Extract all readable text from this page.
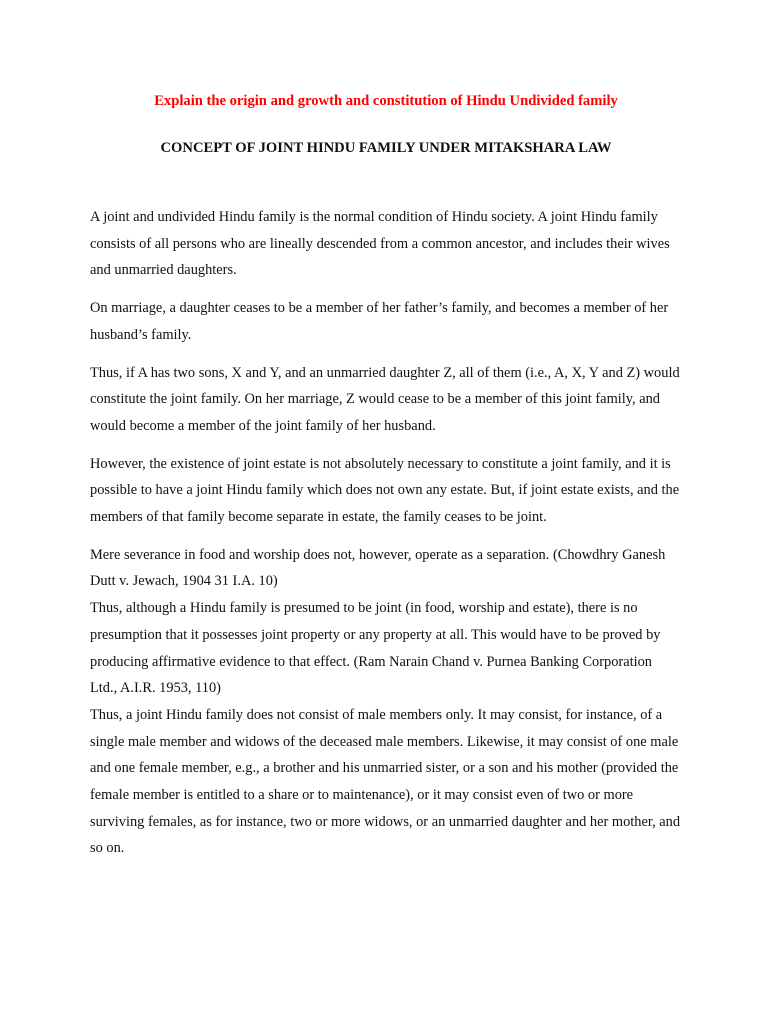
Explain the origin and growth and constitution of Hindu Undivided family

CONCEPT OF JOINT HINDU FAMILY UNDER MITAKSHARA LAW

A joint and undivided Hindu family is the normal condition of Hindu society. A joint Hindu family consists of all persons who are lineally descended from a common ancestor, and includes their wives and unmarried daughters.

On marriage, a daughter ceases to be a member of her father’s family, and becomes a member of her husband’s family.

Thus, if A has two sons, X and Y, and an unmarried daughter Z, all of them (i.e., A, X, Y and Z) would constitute the joint family. On her marriage, Z would cease to be a member of this joint family, and would become a member of the joint family of her husband.

However, the existence of joint estate is not absolutely necessary to constitute a joint family, and it is possible to have a joint Hindu family which does not own any estate. But, if joint estate exists, and the members of that family become separate in estate, the family ceases to be joint.

Mere severance in food and worship does not, however, operate as a separation. (Chowdhry Ganesh Dutt v. Jewach, 1904 31 I.A. 10)

Thus, although a Hindu family is presumed to be joint (in food, worship and estate), there is no presumption that it possesses joint property or any property at all. This would have to be proved by producing affirmative evidence to that effect. (Ram Narain Chand v. Purnea Banking Corporation Ltd., A.I.R. 1953, 110)

Thus, a joint Hindu family does not consist of male members only. It may consist, for instance, of a single male member and widows of the deceased male members. Likewise, it may consist of one male and one female member, e.g., a brother and his unmarried sister, or a son and his mother (provided the female member is entitled to a share or to maintenance), or it may consist even of two or more surviving females, as for instance, two or more widows, or an unmarried daughter and her mother, and so on.
